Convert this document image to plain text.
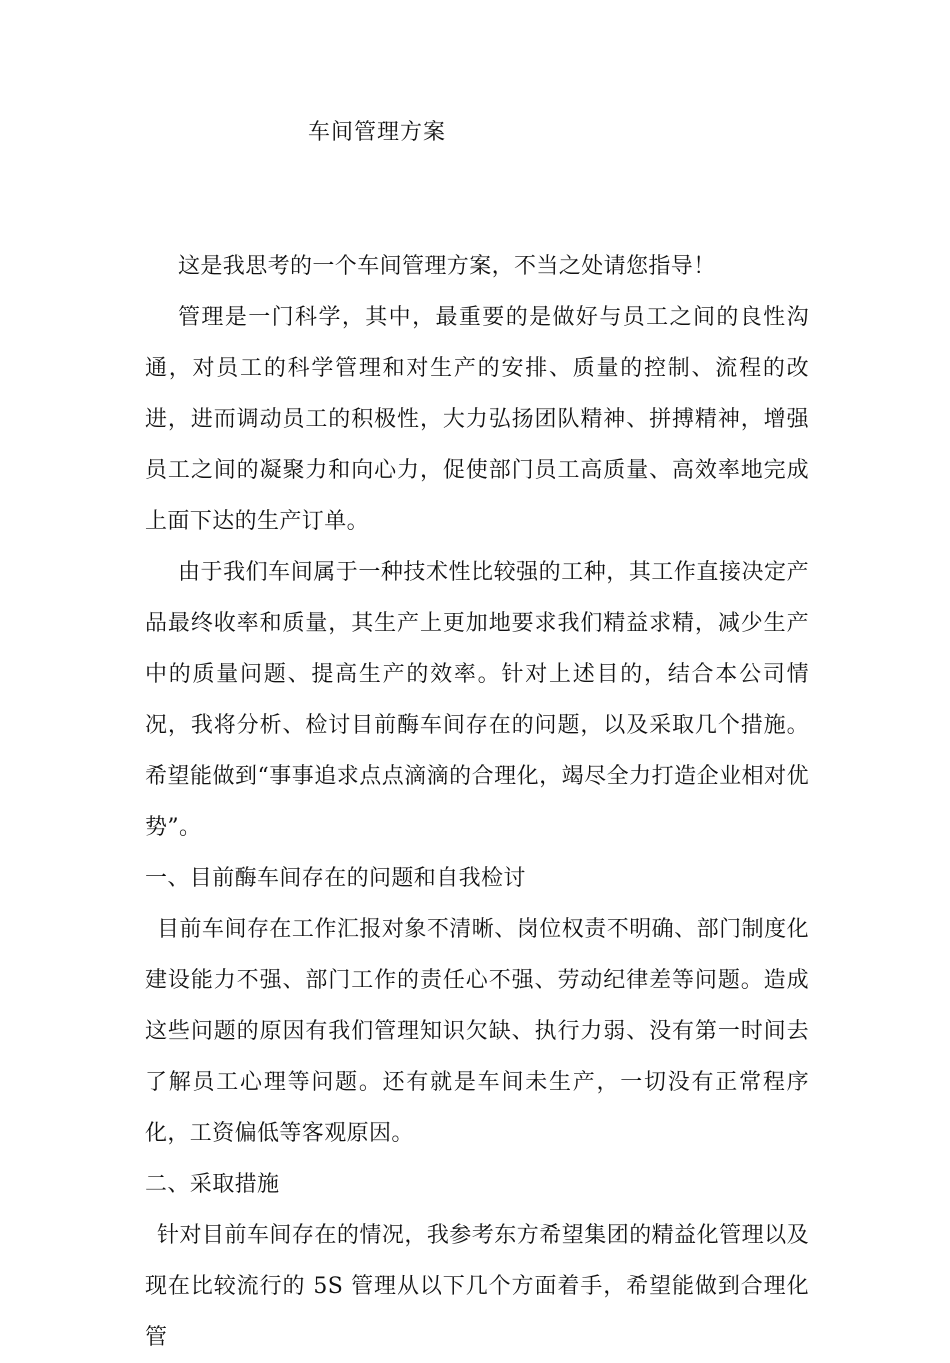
车间管理方案

这是我思考的一个车间管理方案，不当之处请您指导！

管理是一门科学，其中，最重要的是做好与员工之间的良性沟通，对员工的科学管理和对生产的安排、质量的控制、流程的改进，进而调动员工的积极性，大力弘扬团队精神、拼搏精神，增强员工之间的凝聚力和向心力，促使部门员工高质量、高效率地完成上面下达的生产订单。

由于我们车间属于一种技术性比较强的工种，其工作直接决定产品最终收率和质量，其生产上更加地要求我们精益求精，减少生产中的质量问题、提高生产的效率。针对上述目的，结合本公司情况，我将分析、检讨目前酶车间存在的问题，以及采取几个措施。希望能做到“事事追求点点滴滴的合理化，竭尽全力打造企业相对优势”。

一、目前酶车间存在的问题和自我检讨

目前车间存在工作汇报对象不清晰、岗位权责不明确、部门制度化建设能力不强、部门工作的责任心不强、劳动纪律差等问题。造成这些问题的原因有我们管理知识欠缺、执行力弱、没有第一时间去了解员工心理等问题。还有就是车间未生产，一切没有正常程序化，工资偏低等客观原因。

二、采取措施

针对目前车间存在的情况，我参考东方希望集团的精益化管理以及现在比较流行的 5S 管理从以下几个方面着手，希望能做到合理化管
